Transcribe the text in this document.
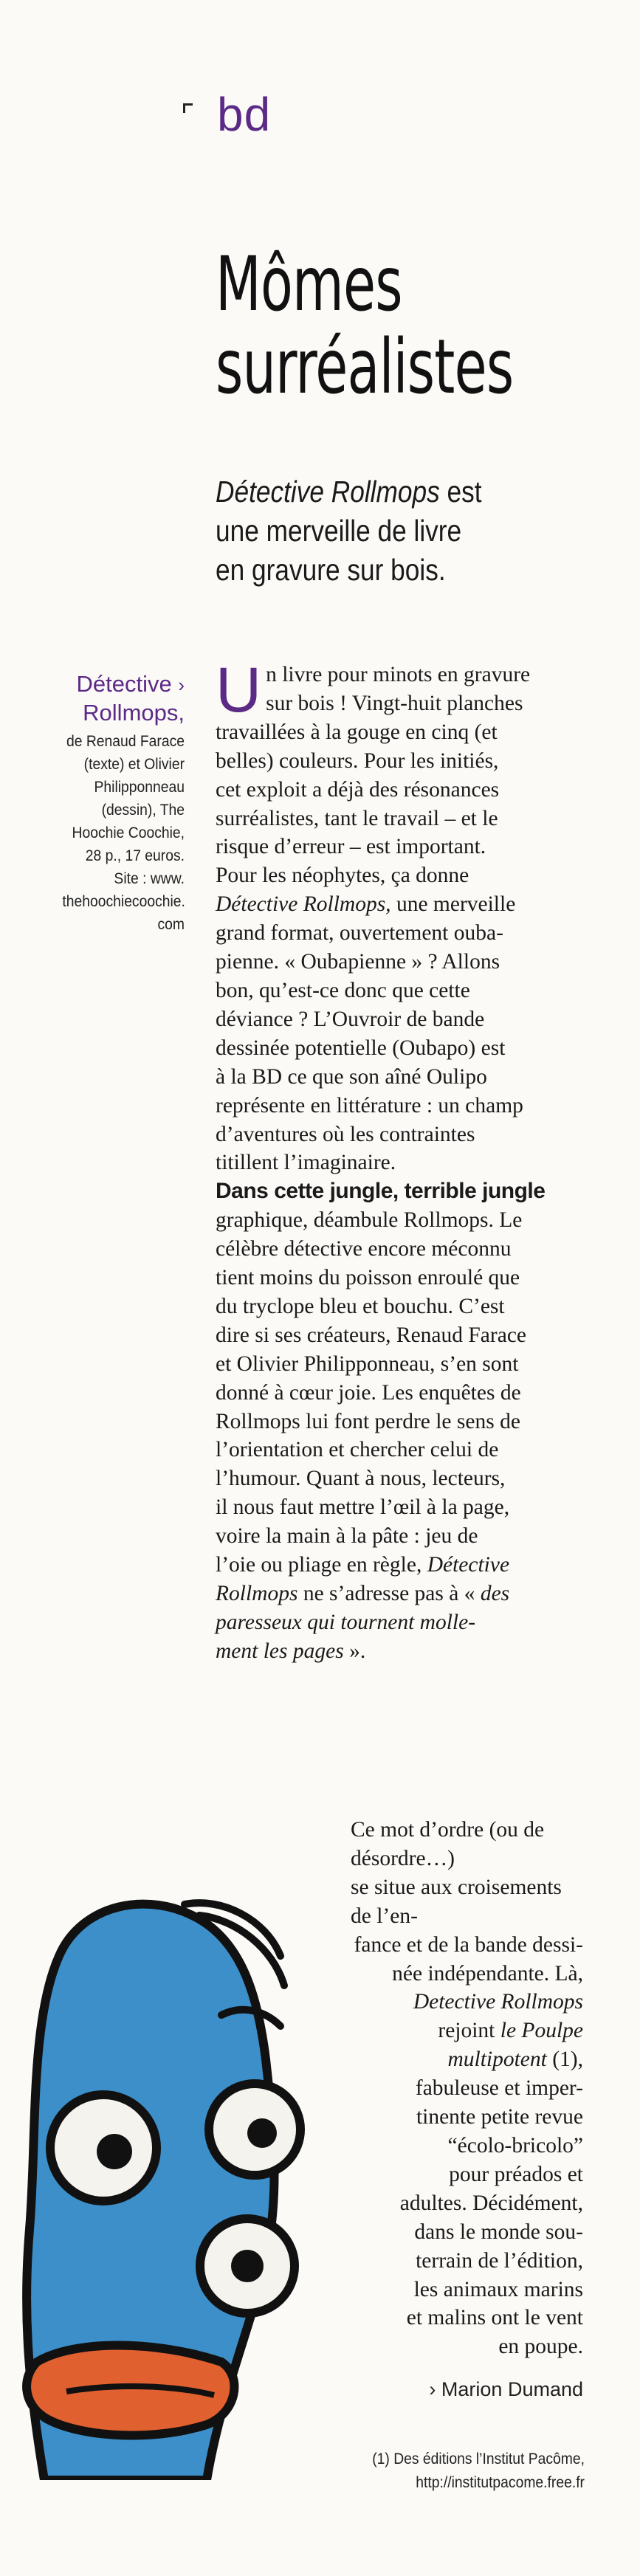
bd
Mômes
surréalistes
Détective Rollmops est
une merveille de livre
en gravure sur bois.
Détective ›
Rollmops,
de Renaud Farace
(texte) et Olivier
Philipponneau
(dessin), The
Hoochie Coochie,
28 p., 17 euros.
Site : www.
thehoochiecoochie.
com
U n livre pour minots en gravure
sur bois ! Vingt-huit planches
travaillées à la gouge en cinq (et
belles) couleurs. Pour les initiés,
cet exploit a déjà des résonances
surréalistes, tant le travail – et le
risque d’erreur – est important.
Pour les néophytes, ça donne
Détective Rollmops, une merveille
grand format, ouvertement ouba-
pienne. « Oubapienne » ? Allons
bon, qu’est-ce donc que cette
déviance ? L’Ouvroir de bande
dessinée potentielle (Oubapo) est
à la BD ce que son aîné Oulipo
représente en littérature : un champ
d’aventures où les contraintes
titillent l’imaginaire.
Dans cette jungle, terrible jungle
graphique, déambule Rollmops. Le
célèbre détective encore méconnu
tient moins du poisson enroulé que
du tryclope bleu et bouchu. C’est
dire si ses créateurs, Renaud Farace
et Olivier Philipponneau, s’en sont
donné à cœur joie. Les enquêtes de
Rollmops lui font perdre le sens de
l’orientation et chercher celui de
l’humour. Quant à nous, lecteurs,
il nous faut mettre l’œil à la page,
voire la main à la pâte : jeu de
l’oie ou pliage en règle, Détective
Rollmops ne s’adresse pas à « des
paresseux qui tournent molle-
ment les pages ».
Ce mot d’ordre (ou de désordre…)
se situe aux croisements de l’en-
fance et de la bande dessi-
née indépendante. Là,
Detective Rollmops
rejoint le Poulpe
multipotent (1),
fabuleuse et imper-
tinente petite revue
“écolo-bricolo”
pour préados et
adultes. Décidément,
dans le monde sou-
terrain de l’édition,
les animaux marins
et malins ont le vent
en poupe.
› Marion Dumand
(1) Des éditions l’Institut Pacôme,
http://institutpacome.free.fr
